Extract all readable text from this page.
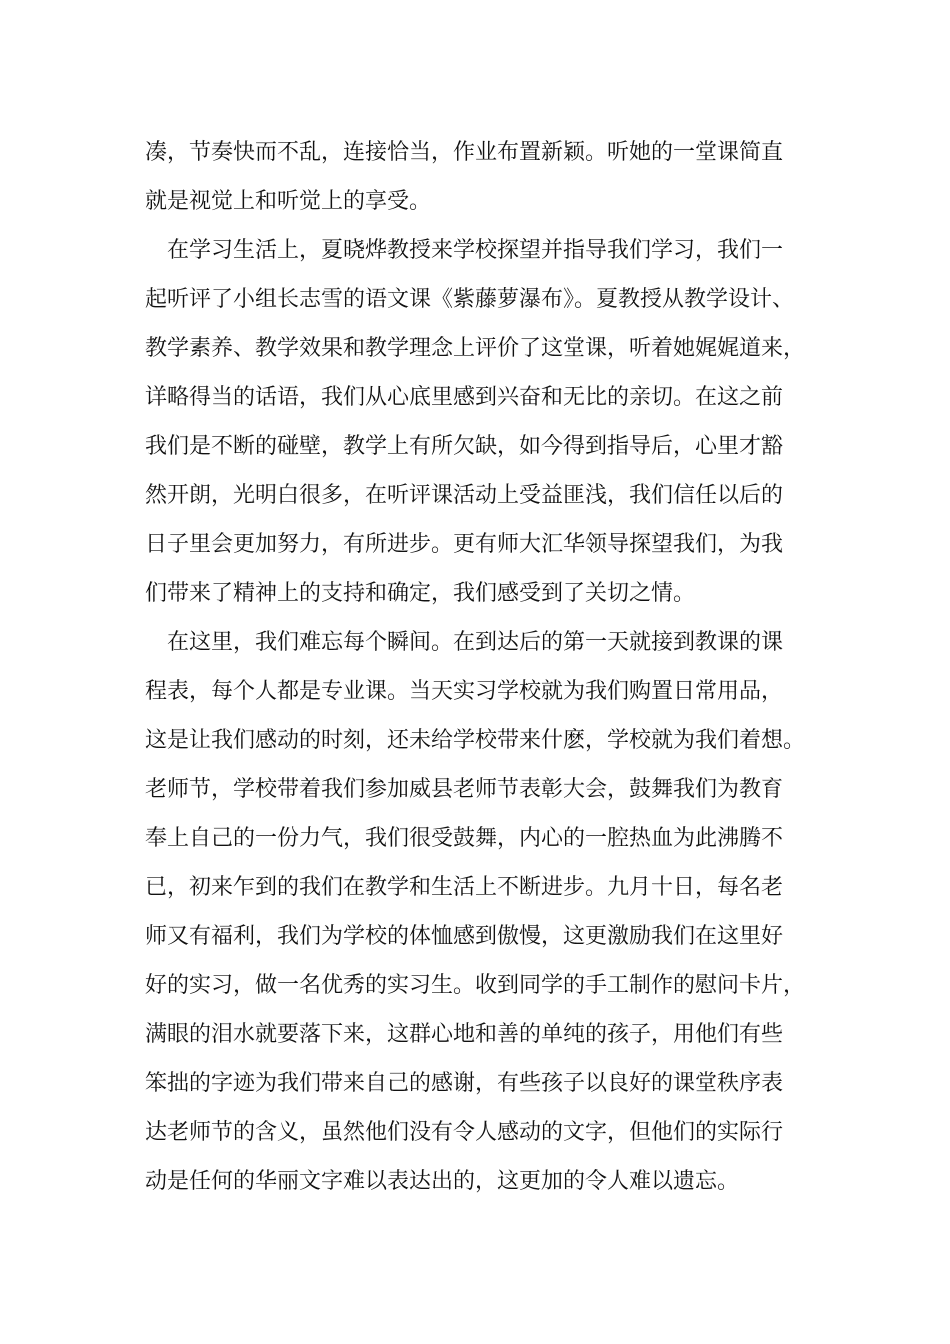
凑，节奏快而不乱，连接恰当，作业布置新颖。听她的一堂课简直
就是视觉上和听觉上的享受。
在学习生活上，夏晓烨教授来学校探望并指导我们学习，我们一
起听评了小组长志雪的语文课《紫藤萝瀑布》。夏教授从教学设计、
教学素养、教学效果和教学理念上评价了这堂课，听着她娓娓道来，
详略得当的话语，我们从心底里感到兴奋和无比的亲切。在这之前
我们是不断的碰壁，教学上有所欠缺，如今得到指导后，心里才豁
然开朗，光明白很多，在听评课活动上受益匪浅，我们信任以后的
日子里会更加努力，有所进步。更有师大汇华领导探望我们，为我
们带来了精神上的支持和确定，我们感受到了关切之情。
在这里，我们难忘每个瞬间。在到达后的第一天就接到教课的课
程表，每个人都是专业课。当天实习学校就为我们购置日常用品，
这是让我们感动的时刻，还未给学校带来什麽，学校就为我们着想。
老师节，学校带着我们参加威县老师节表彰大会，鼓舞我们为教育
奉上自己的一份力气，我们很受鼓舞，内心的一腔热血为此沸腾不
已，初来乍到的我们在教学和生活上不断进步。九月十日，每名老
师又有福利，我们为学校的体恤感到傲慢，这更激励我们在这里好
好的实习，做一名优秀的实习生。收到同学的手工制作的慰问卡片，
满眼的泪水就要落下来，这群心地和善的单纯的孩子，用他们有些
笨拙的字迹为我们带来自己的感谢，有些孩子以良好的课堂秩序表
达老师节的含义，虽然他们没有令人感动的文字，但他们的实际行
动是任何的华丽文字难以表达出的，这更加的令人难以遗忘。
